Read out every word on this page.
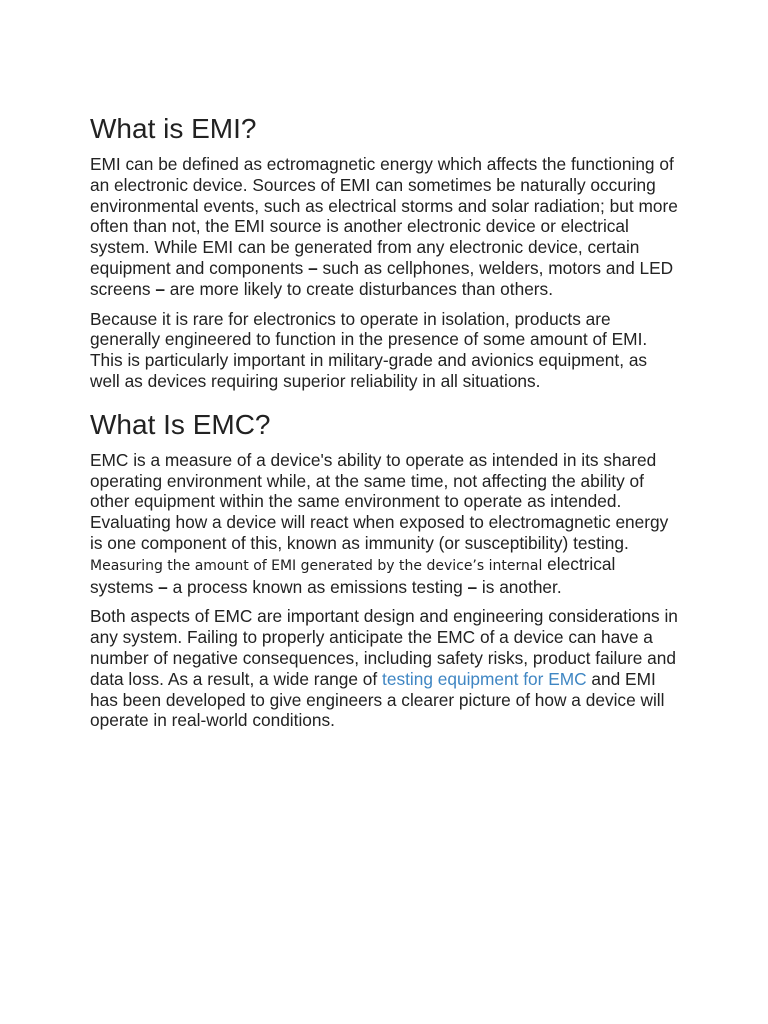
What is EMI?

EMI can be defined as ectromagnetic energy which affects the functioning of an electronic device. Sources of EMI can sometimes be naturally occuring environmental events, such as electrical storms and solar radiation; but more often than not, the EMI source is another electronic device or electrical system. While EMI can be generated from any electronic device, certain equipment and components – such as cellphones, welders, motors and LED screens – are more likely to create disturbances than others.

Because it is rare for electronics to operate in isolation, products are generally engineered to function in the presence of some amount of EMI. This is particularly important in military-grade and avionics equipment, as well as devices requiring superior reliability in all situations.

What Is EMC?

EMC is a measure of a device's ability to operate as intended in its shared operating environment while, at the same time, not affecting the ability of other equipment within the same environment to operate as intended. Evaluating how a device will react when exposed to electromagnetic energy is one component of this, known as immunity (or susceptibility) testing. Measuring the amount of EMI generated by the device’s internal electrical systems – a process known as emissions testing – is another.

Both aspects of EMC are important design and engineering considerations in any system. Failing to properly anticipate the EMC of a device can have a number of negative consequences, including safety risks, product failure and data loss. As a result, a wide range of testing equipment for EMC and EMI has been developed to give engineers a clearer picture of how a device will operate in real-world conditions.
